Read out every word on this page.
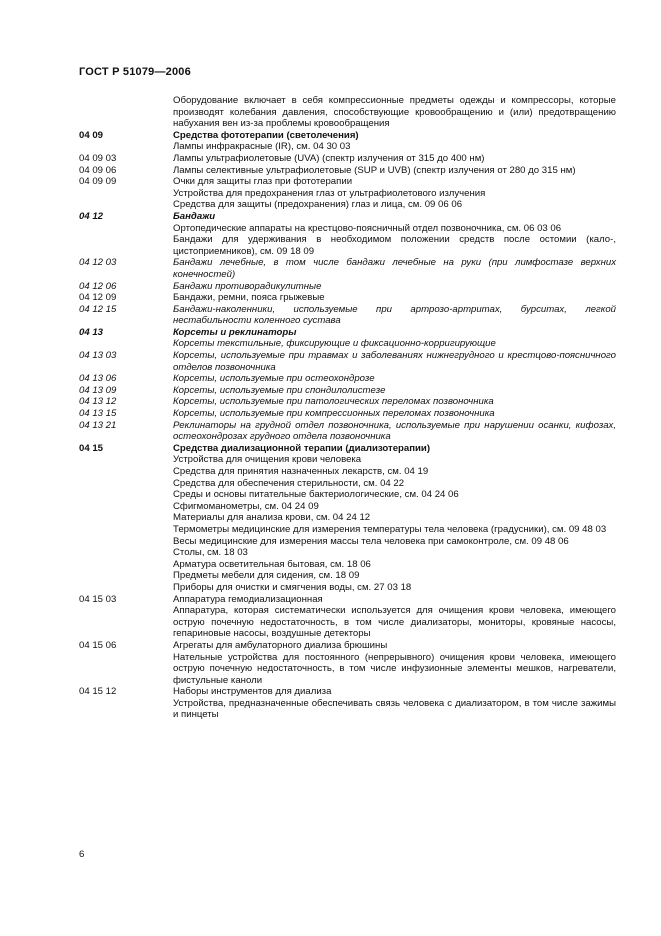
ГОСТ Р 51079—2006
Оборудование включает в себя компрессионные предметы одежды и компрессоры, которые производят колебания давления, способствующие кровообращению и (или) предотвращению набухания вен из-за проблемы кровообращения
04 09	Средства фототерапии (светолечения)
Лампы инфракрасные (IR), см. 04 30 03
04 09 03	Лампы ультрафиолетовые (UVA) (спектр излучения от 315 до 400 нм)
04 09 06	Лампы селективные ультрафиолетовые (SUP и UVB) (спектр излучения от 280 до 315 нм)
04 09 09	Очки для защиты глаз при фототерапии
Устройства для предохранения глаз от ультрафиолетового излучения
Средства для защиты (предохранения) глаз и лица, см. 09 06 06
04 12	Бандажи
Ортопедические аппараты на крестцово-поясничный отдел позвоночника, см. 06 03 06
Бандажи для удерживания в необходимом положении средств после остомии (кало-, цистоприемников), см. 09 18 09
04 12 03	Бандажи лечебные, в том числе бандажи лечебные на руки (при лимфостазе верхних конечностей)
04 12 06	Бандажи противорадикулитные
04 12 09	Бандажи, ремни, пояса грыжевые
04 12 15	Бандажи-наколенники, используемые при артрозо-артритах, бурситах, легкой нестабильности коленного сустава
04 13	Корсеты и реклинаторы
Корсеты текстильные, фиксирующие и фиксационно-корригирующие
04 13 03	Корсеты, используемые при травмах и заболеваниях нижнегрудного и крестцово-поясничного отделов позвоночника
04 13 06	Корсеты, используемые при остеохондрозе
04 13 09	Корсеты, используемые при спондилолистезе
04 13 12	Корсеты, используемые при патологических переломах позвоночника
04 13 15	Корсеты, используемые при компрессионных переломах позвоночника
04 13 21	Реклинаторы на грудной отдел позвоночника, используемые при нарушении осанки, кифозах, остеохондрозах грудного отдела позвоночника
04 15	Средства диализационной терапии (диализотерапии)
Устройства для очищения крови человека
Средства для принятия назначенных лекарств, см. 04 19
Средства для обеспечения стерильности, см. 04 22
Среды и основы питательные бактериологические, см. 04 24 06
Сфигмоманометры, см. 04 24 09
Материалы для анализа крови, см. 04 24 12
Термометры медицинские для измерения температуры тела человека (градусники), см. 09 48 03
Весы медицинские для измерения массы тела человека при самоконтроле, см. 09 48 06
Столы, см. 18 03
Арматура осветительная бытовая, см. 18 06
Предметы мебели для сидения, см. 18 09
Приборы для очистки и смягчения воды, см. 27 03 18
04 15 03	Аппаратура гемодиализационная
Аппаратура, которая систематически используется для очищения крови человека, имеющего острую почечную недостаточность, в том числе диализаторы, мониторы, кровяные насосы, гепариновые насосы, воздушные детекторы
04 15 06	Агрегаты для амбулаторного диализа брюшины
Нательные устройства для постоянного (непрерывного) очищения крови человека, имеющего острую почечную недостаточность, в том числе инфузионные элементы мешков, нагреватели, фистульные каноли
04 15 12	Наборы инструментов для диализа
Устройства, предназначенные обеспечивать связь человека с диализатором, в том числе зажимы и пинцеты
6
